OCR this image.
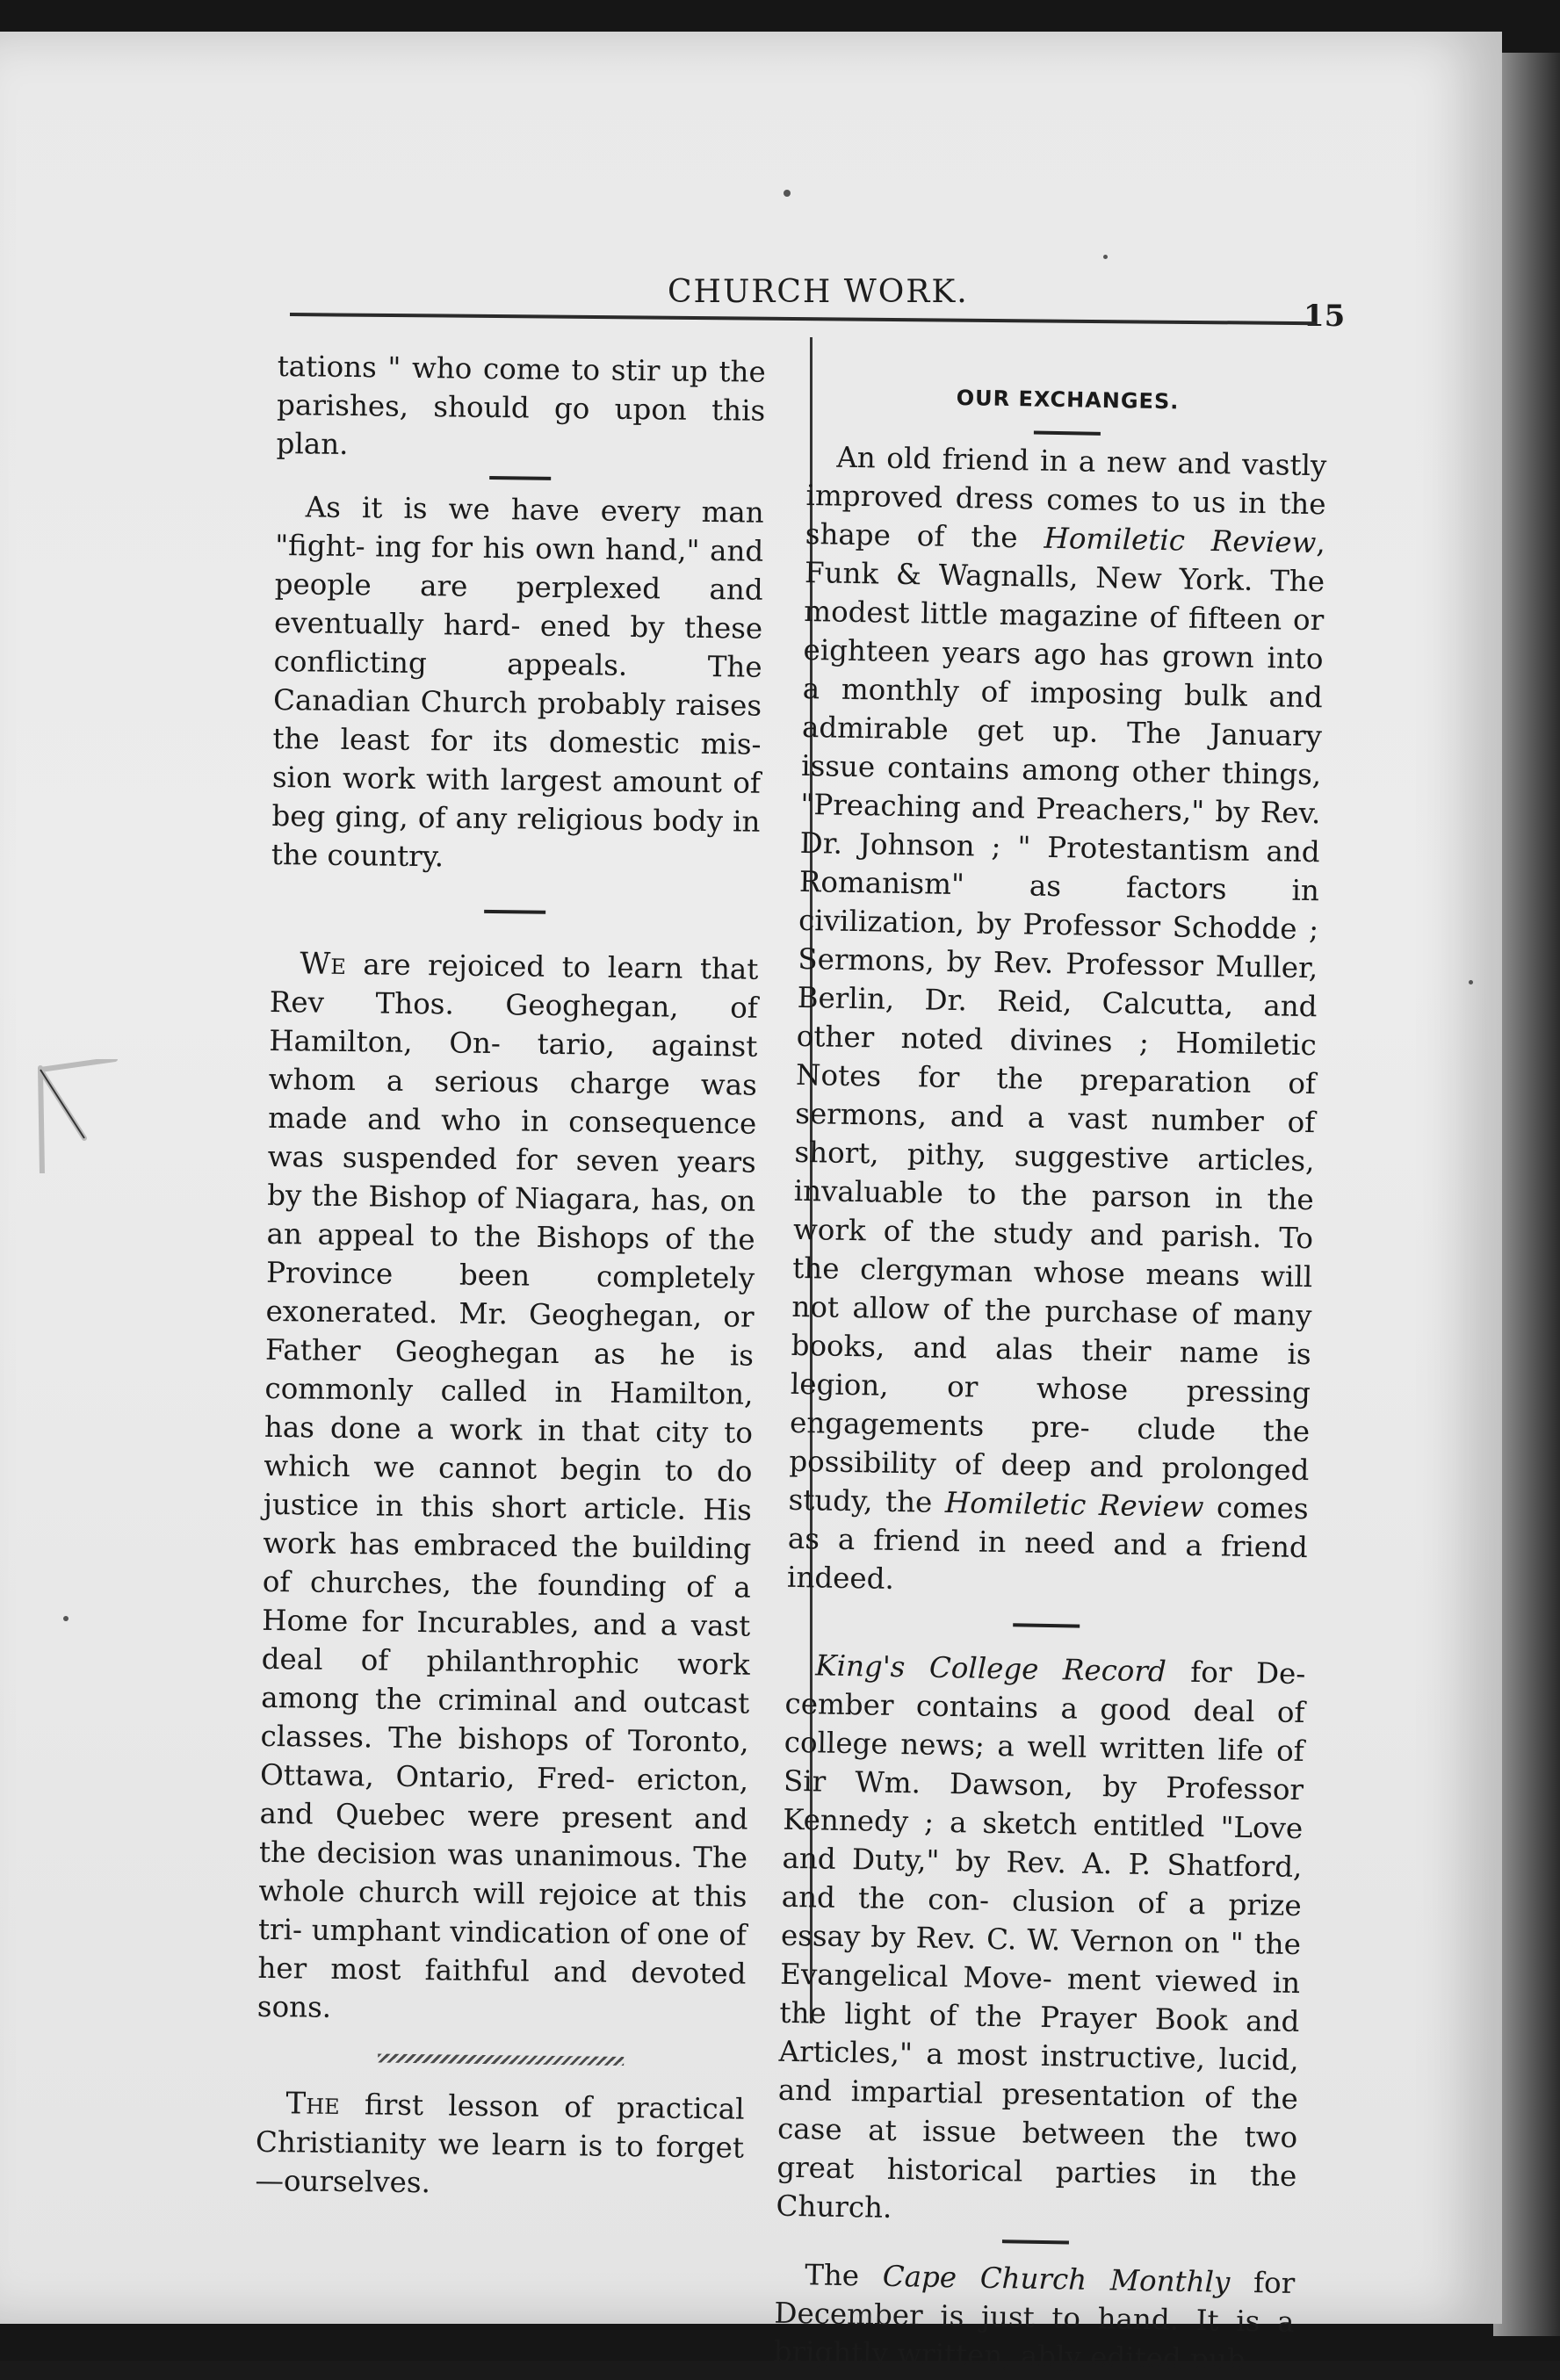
CHURCH WORK.
15

tations " who come to stir up the parishes, should go upon this plan.

As it is we have every man "fight- ing for his own hand," and people are perplexed and eventually hard- ened by these conflicting appeals. The Canadian Church probably raises the least for its domestic mis- sion work with largest amount of beg ging, of any religious body in the country.

We are rejoiced to learn that Rev Thos. Geoghegan, of Hamilton, On- tario, against whom a serious charge was made and who in consequence was suspended for seven years by the Bishop of Niagara, has, on an appeal to the Bishops of the Province been completely exonerated. Mr. Geoghegan, or Father Geoghegan as he is commonly called in Hamilton, has done a work in that city to which we cannot begin to do justice in this short article. His work has embraced the building of churches, the founding of a Home for Incurables, and a vast deal of philanthrophic work among the criminal and outcast classes. The bishops of Toronto, Ottawa, Ontario, Fred- ericton, and Quebec were present and the decision was unanimous. The whole church will rejoice at this tri- umphant vindication of one of her most faithful and devoted sons.

The first lesson of practical Christianity we learn is to forget —ourselves.

OUR EXCHANGES.

An old friend in a new and vastly improved dress comes to us in the shape of the Homiletic Review, Funk & Wagnalls, New York. The modest little magazine of fifteen or eighteen years ago has grown into a monthly of imposing bulk and admirable get up. The January issue contains among other things, "Preaching and Preachers," by Rev. Dr. Johnson ; " Protestantism and Romanism" as factors in civilization, by Professor Schodde ; Sermons, by Rev. Professor Muller, Berlin, Dr. Reid, Calcutta, and other noted divines ; Homiletic Notes for the preparation of sermons, and a vast number of short, pithy, suggestive articles, invaluable to the parson in the work of the study and parish. To the clergyman whose means will not allow of the purchase of many books, and alas their name is legion, or whose pressing engagements pre- clude the possibility of deep and prolonged study, the Homiletic Review comes as a friend in need and a friend indeed.

King's College Record for De- cember contains a good deal of college news; a well written life of Sir Wm. Dawson, by Professor Kennedy ; a sketch entitled "Love and Duty," by Rev. A. P. Shatford, and the con- clusion of a prize essay by Rev. C. W. Vernon on " the Evangelical Move- ment viewed in the light of the Prayer Book and Articles," a most instructive, lucid, and impartial presentation of the case at issue between the two great historical parties in the Church.

The Cape Church Monthly for December is just to hand. It is a brightly written, ably edited pub-
